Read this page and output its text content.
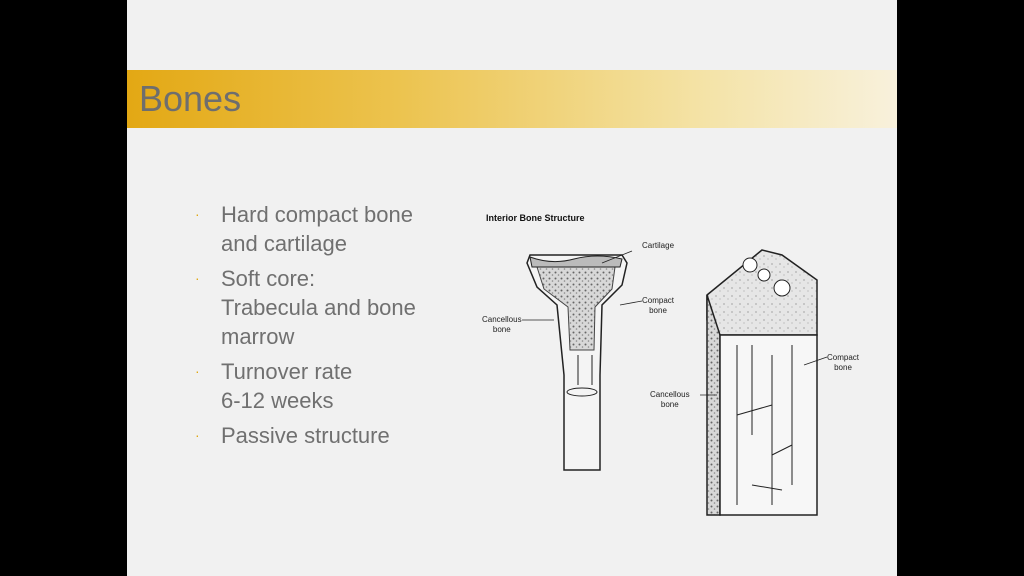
Bones
· Hard compact bone
and cartilage
· Soft core:
Trabecula and bone
marrow
· Turnover rate
6-12 weeks
· Passive structure
Interior Bone Structure
Cartilage
Compact
bone
Cancellous
bone
Compact
bone
Cancellous
bone
